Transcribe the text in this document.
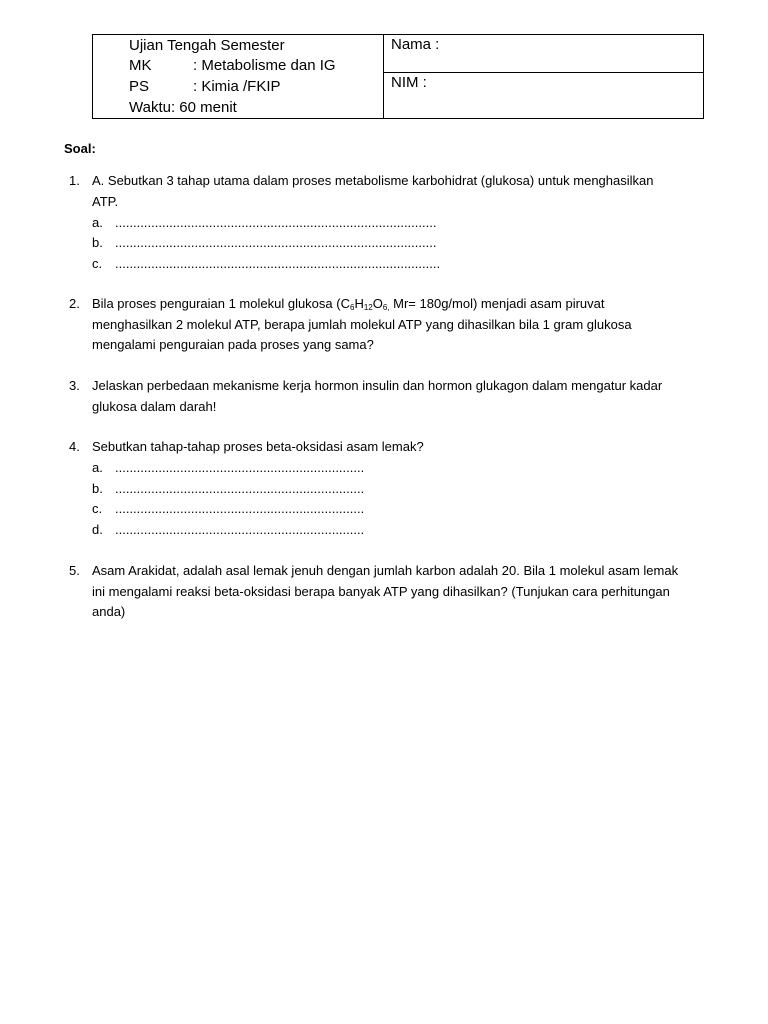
Ujian Tengah Semester
MK	: Metabolisme dan IG
PS	: Kimia /FKIP
Waktu: 60 menit
Nama :
NIM :
Soal:
1. A. Sebutkan 3 tahap utama dalam proses metabolisme karbohidrat (glukosa) untuk menghasilkan
ATP.
a. .........................................................................................
b. .........................................................................................
c. ..........................................................................................
2. Bila proses penguraian 1 molekul glukosa ($C_6H_{12}O_{6,}$ Mr= 180g/mol) menjadi asam piruvat
menghasilkan 2 molekul ATP, berapa jumlah molekul ATP yang dihasilkan bila 1 gram glukosa
mengalami penguraian pada proses yang sama?
3. Jelaskan perbedaan mekanisme kerja hormon insulin dan hormon glukagon dalam mengatur kadar
glukosa dalam darah!
4. Sebutkan tahap-tahap proses beta-oksidasi asam lemak?
a. .....................................................................
b. .....................................................................
c. .....................................................................
d. .....................................................................
5. Asam Arakidat, adalah asal lemak jenuh dengan jumlah karbon adalah 20. Bila 1 molekul asam lemak
ini mengalami reaksi beta-oksidasi berapa banyak ATP yang dihasilkan? (Tunjukan cara perhitungan
anda)
